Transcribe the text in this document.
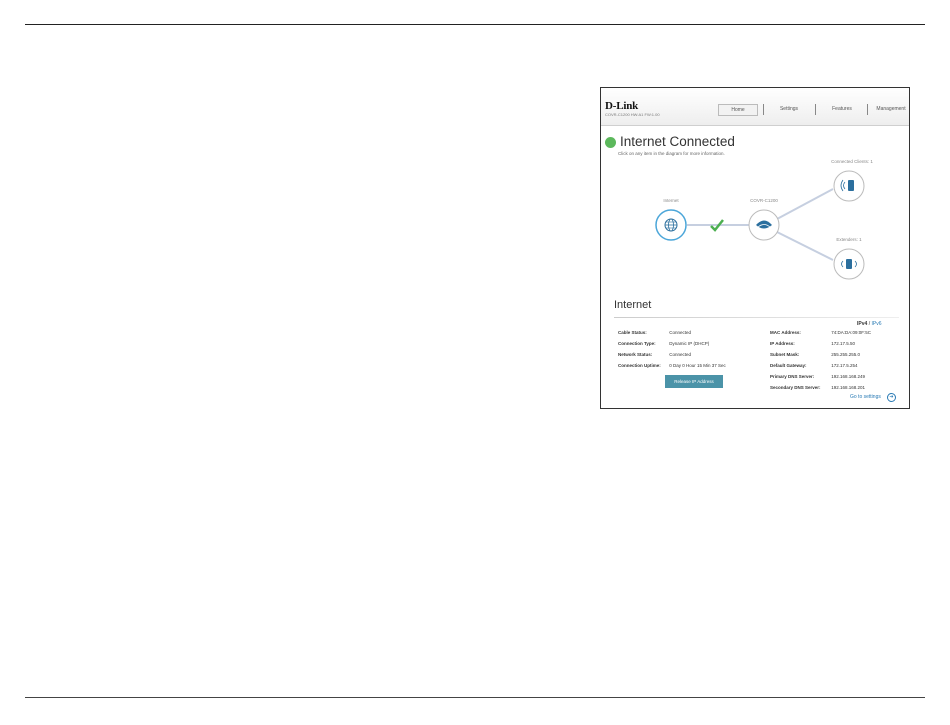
D-Link
COVR-C1200 HW:A1 FW:1.00
Home	Settings	Features	Management
Internet Connected
Click on any item in the diagram for more information.
Internet	COVR-C1200
Connected Clients: 1
Extenders: 1
Internet
IPv4 / IPv6
Cable Status:	Connected
Connection Type:	Dynamic IP (DHCP)
Network Status:	Connected
Connection Uptime: 0 Day 0 Hour 15 Min 37 Sec
Release IP Address
MAC Address:	74:DA:DA:09:0F:5C
IP Address:	172.17.5.50
Subnet Mask:	255.255.255.0
Default Gateway:	172.17.5.254
Primary DNS Server:	192.168.168.249
Secondary DNS Server: 192.168.168.201
Go to settings	➜
